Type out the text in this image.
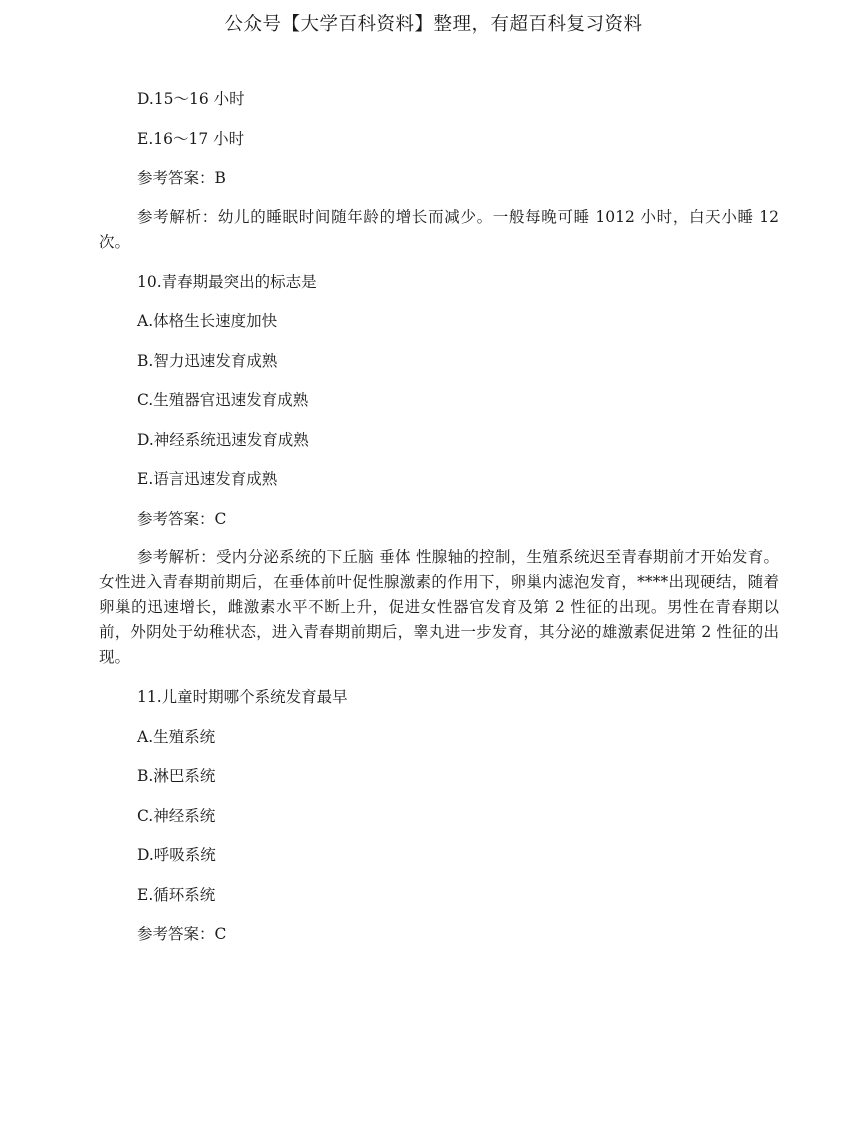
公众号【大学百科资料】整理，有超百科复习资料
D.15～16 小时
E.16～17 小时
参考答案：B
参考解析：幼儿的睡眠时间随年龄的增长而减少。一般每晚可睡 1012 小时，白天小睡 12 次。
10.青春期最突出的标志是
A.体格生长速度加快
B.智力迅速发育成熟
C.生殖器官迅速发育成熟
D.神经系统迅速发育成熟
E.语言迅速发育成熟
参考答案：C
参考解析：受内分泌系统的下丘脑 垂体 性腺轴的控制，生殖系统迟至青春期前才开始发育。女性进入青春期前期后，在垂体前叶促性腺激素的作用下，卵巢内滤泡发育，****出现硬结，随着卵巢的迅速增长，雌激素水平不断上升，促进女性器官发育及第 2 性征的出现。男性在青春期以前，外阴处于幼稚状态，进入青春期前期后，睾丸进一步发育，其分泌的雄激素促进第 2 性征的出现。
11.儿童时期哪个系统发育最早
A.生殖系统
B.淋巴系统
C.神经系统
D.呼吸系统
E.循环系统
参考答案：C
